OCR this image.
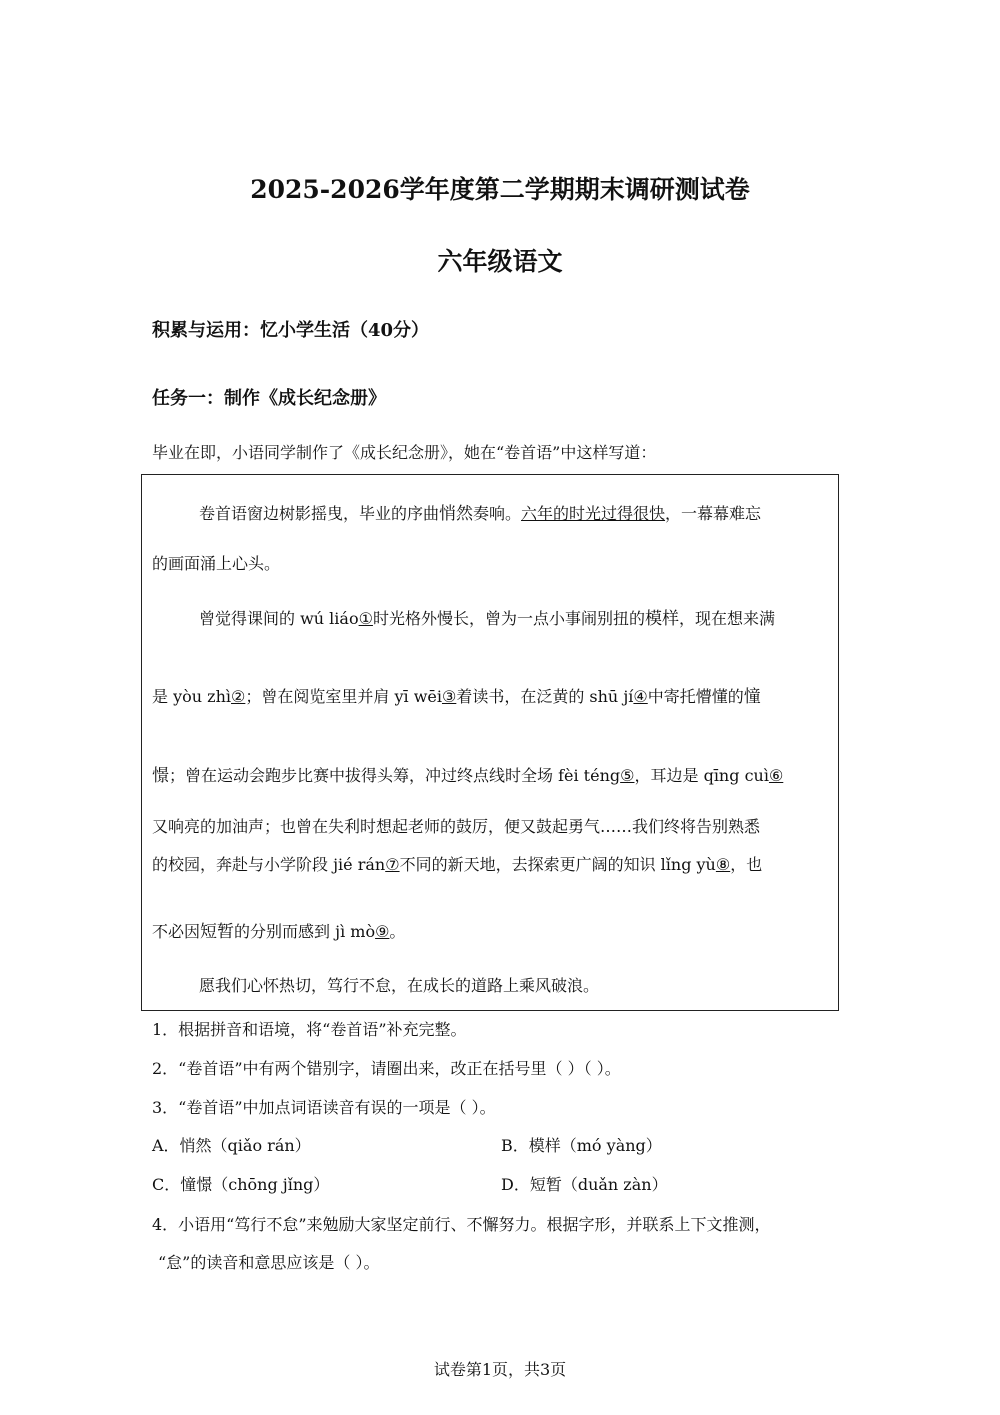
2025-2026学年度第二学期期末调研测试卷
六年级语文
积累与运用：忆小学生活（40分）
任务一：制作《成长纪念册》
毕业在即，小语同学制作了《成长纪念册》，她在“卷首语”中这样写道：
卷首语窗边树影摇曳，毕业的序曲悄然奏响。六年的时光过得很快，一幕幕难忘
的画面涌上心头。
曾觉得课间的 wú liáo①时光格外慢长，曾为一点小事闹别扭的模样，现在想来满
是 yòu zhì②；曾在阅览室里并肩 yī wēi③着读书，在泛黄的 shū jí④中寄托懵懂的憧
憬；曾在运动会跑步比赛中拔得头筹，冲过终点线时全场 fèi téng⑤，耳边是 qīng cuì⑥
又响亮的加油声；也曾在失利时想起老师的鼓厉，便又鼓起勇气……我们终将告别熟悉
的校园，奔赴与小学阶段 jié rán⑦不同的新天地，去探索更广阔的知识 lǐng yù⑧，也
不必因短暂的分别而感到 jì mò⑨。
愿我们心怀热切，笃行不怠，在成长的道路上乘风破浪。
1．根据拼音和语境，将“卷首语”补充完整。
2．“卷首语”中有两个错别字，请圈出来，改正在括号里（ ）（ ）。
3．“卷首语”中加点词语读音有误的一项是（ ）。
A．悄然（qiǎo rán）	B．模样（mó yàng）
C．憧憬（chōng jǐng）	D．短暂（duǎn zàn）
4．小语用“笃行不怠”来勉励大家坚定前行、不懈努力。根据字形，并联系上下文推测，
“怠”的读音和意思应该是（ ）。
试卷第1页，共3页
